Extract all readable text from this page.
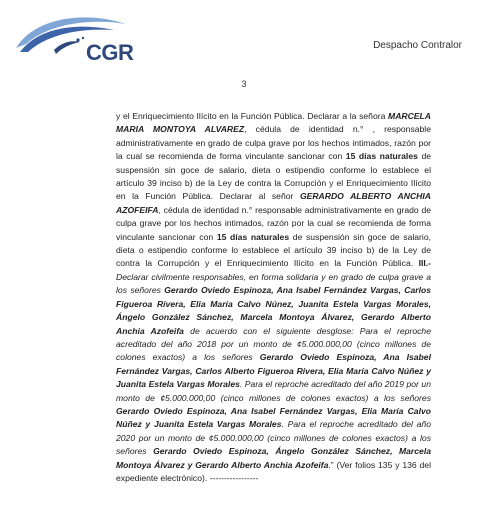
CGR	Despacho Contralor
3

y el Enriquecimiento Ilícito en la Función Pública. Declarar a la señora MARCELA MARIA MONTOYA ALVAREZ, cédula de identidad n.° , responsable administrativamente en grado de culpa grave por los hechos intimados, razón por la cual se recomienda de forma vinculante sancionar con 15 días naturales de suspensión sin goce de salario, dieta o estipendio conforme lo establece el artículo 39 inciso b) de la Ley de contra la Corrupción y el Enriquecimiento Ilícito en la Función Pública. Declarar al señor GERARDO ALBERTO ANCHIA AZOFEIFA, cédula de identidad n.° responsable administrativamente en grado de culpa grave por los hechos intimados, razón por la cual se recomienda de forma vinculante sancionar con 15 días naturales de suspensión sin goce de salario, dieta o estipendio conforme lo establece el artículo 39 inciso b) de la Ley de contra la Corrupción y el Enriquecimiento Ilícito en la Función Pública. III.- Declarar civilmente responsables, en forma solidaria y en grado de culpa grave a los señores Gerardo Oviedo Espinoza, Ana Isabel Fernández Vargas, Carlos Figueroa Rivera, Elia María Calvo Núnez, Juanita Estela Vargas Morales, Ángelo González Sánchez, Marcela Montoya Álvarez, Gerardo Alberto Anchia Azofeifa de acuerdo con el siguiente desglose: Para el reproche acreditado del año 2018 por un monto de ¢5.000.000,00 (cinco millones de colones exactos) a los señores Gerardo Oviedo Espinoza, Ana Isabel Fernández Vargas, Carlos Alberto Figueroa Rivera, Elia María Calvo Núñez y Juanita Estela Vargas Morales. Para el reproche acreditado del año 2019 por un monto de ¢5.000.000,00 (cinco millones de colones exactos) a los señores Gerardo Oviedo Espinoza, Ana Isabel Fernández Vargas, Elia María Calvo Núñez y Juanita Estela Vargas Morales. Para el reproche acreditado del año 2020 por un monto de ¢5.000.000,00 (cinco millones de colones exactos) a los señores Gerardo Oviedo Espinoza, Ángelo González Sánchez, Marcela Montoya Álvarez y Gerardo Alberto Anchia Azofeifa.” (Ver folios 135 y 136 del expediente electrónico). -----------------
